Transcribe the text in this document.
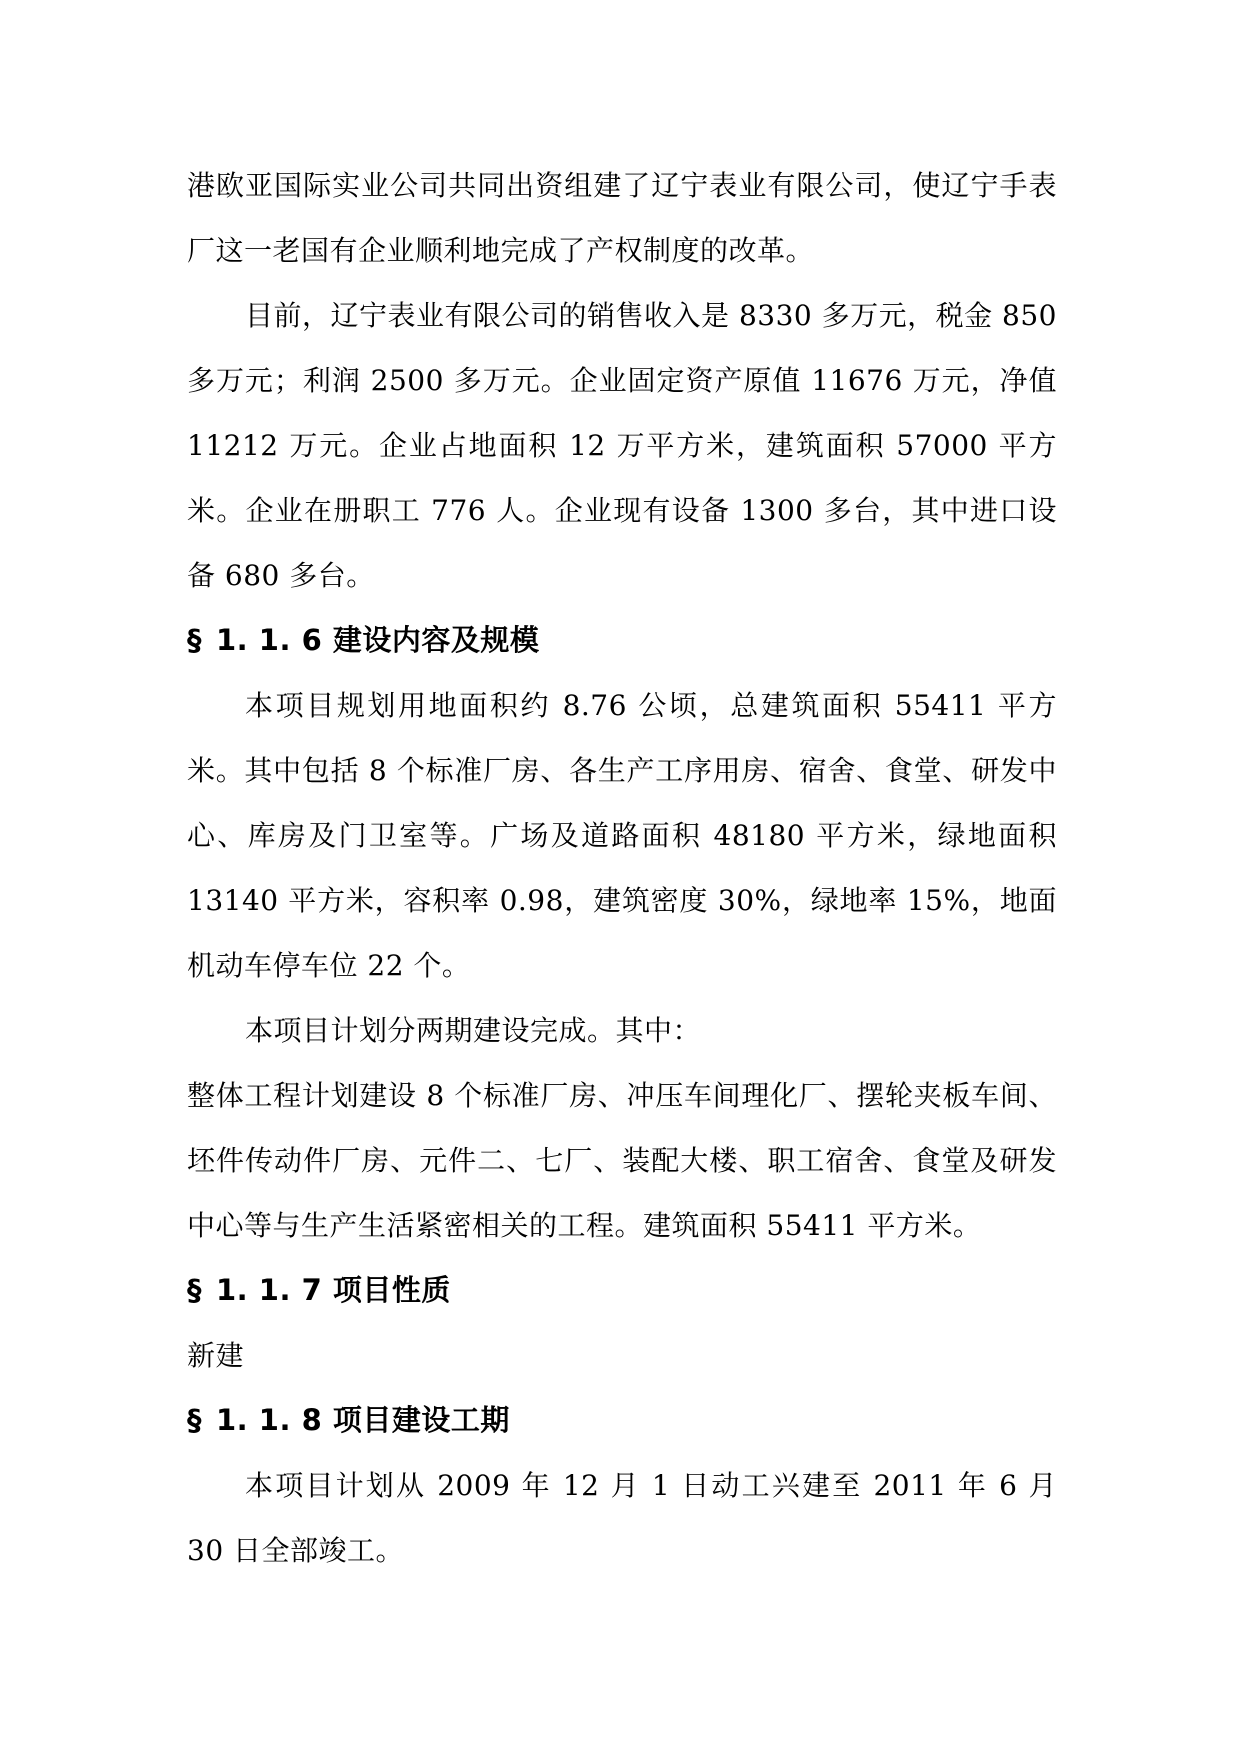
港欧亚国际实业公司共同出资组建了辽宁表业有限公司，使辽宁手表厂这一老国有企业顺利地完成了产权制度的改革。

目前，辽宁表业有限公司的销售收入是 8330 多万元，税金 850 多万元；利润 2500 多万元。企业固定资产原值 11676 万元，净值 11212 万元。企业占地面积 12 万平方米，建筑面积 57000 平方米。企业在册职工 776 人。企业现有设备 1300 多台，其中进口设备 680 多台。

§ 1. 1. 6 建设内容及规模

本项目规划用地面积约 8.76 公顷，总建筑面积 55411 平方米。其中包括 8 个标准厂房、各生产工序用房、宿舍、食堂、研发中心、库房及门卫室等。广场及道路面积 48180 平方米，绿地面积 13140 平方米，容积率 0.98，建筑密度 30%，绿地率 15%，地面机动车停车位 22 个。

本项目计划分两期建设完成。其中：

整体工程计划建设 8 个标准厂房、冲压车间理化厂、摆轮夹板车间、坯件传动件厂房、元件二、七厂、装配大楼、职工宿舍、食堂及研发中心等与生产生活紧密相关的工程。建筑面积 55411 平方米。

§ 1. 1. 7 项目性质

新建

§ 1. 1. 8 项目建设工期

本项目计划从 2009 年 12 月 1 日动工兴建至 2011 年 6 月 30 日全部竣工。
